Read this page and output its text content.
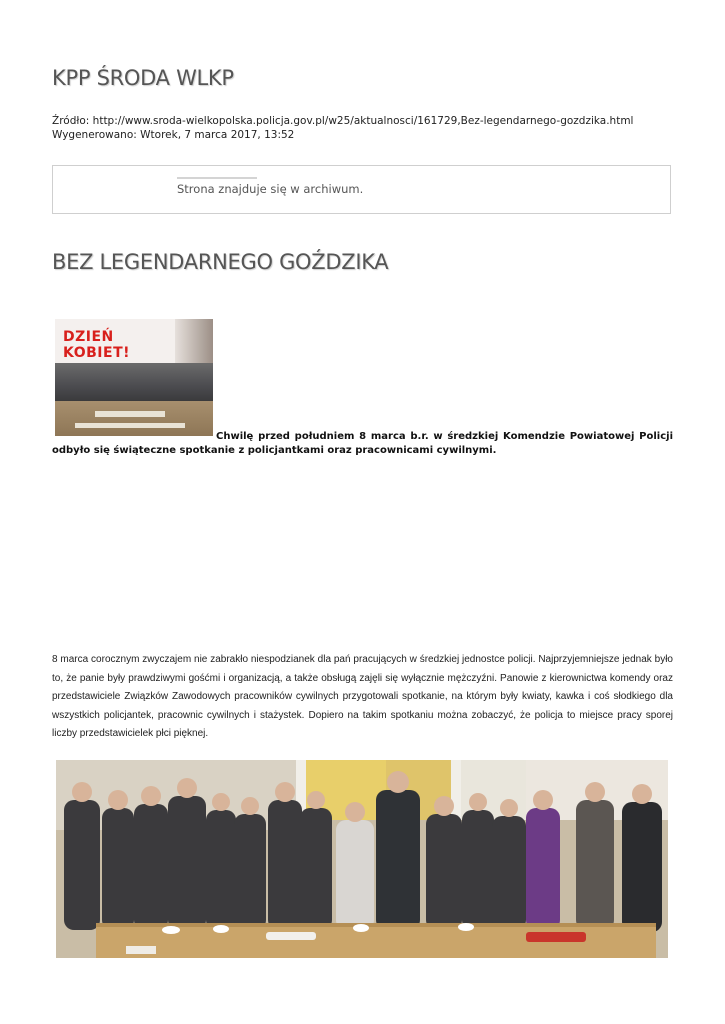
KPP ŚRODA WLKP
Źródło: http://www.sroda-wielkopolska.policja.gov.pl/w25/aktualnosci/161729,Bez-legendarnego-gozdzika.html
Wygenerowano: Wtorek, 7 marca 2017, 13:52
Strona znajduje się w archiwum.
BEZ LEGENDARNEGO GOŹDZIKA
DZIEŃ KOBIET!
Chwilę przed południem 8 marca b.r. w średzkiej Komendzie Powiatowej Policji odbyło się świąteczne spotkanie z policjantkami oraz pracownicami cywilnymi.
8 marca corocznym zwyczajem nie zabrakło niespodzianek dla pań pracujących w średzkiej jednostce policji. Najprzyjemniejsze jednak było to, że panie były prawdziwymi gośćmi i organizacją, a także obsługą zajęli się wyłącznie mężczyźni. Panowie z kierownictwa komendy oraz przedstawiciele Związków Zawodowych pracowników cywilnych przygotowali spotkanie, na którym były kwiaty, kawka i coś słodkiego dla wszystkich policjantek, pracownic cywilnych i stażystek. Dopiero na takim spotkaniu można zobaczyć, że policja to miejsce pracy sporej liczby przedstawicielek płci pięknej.
